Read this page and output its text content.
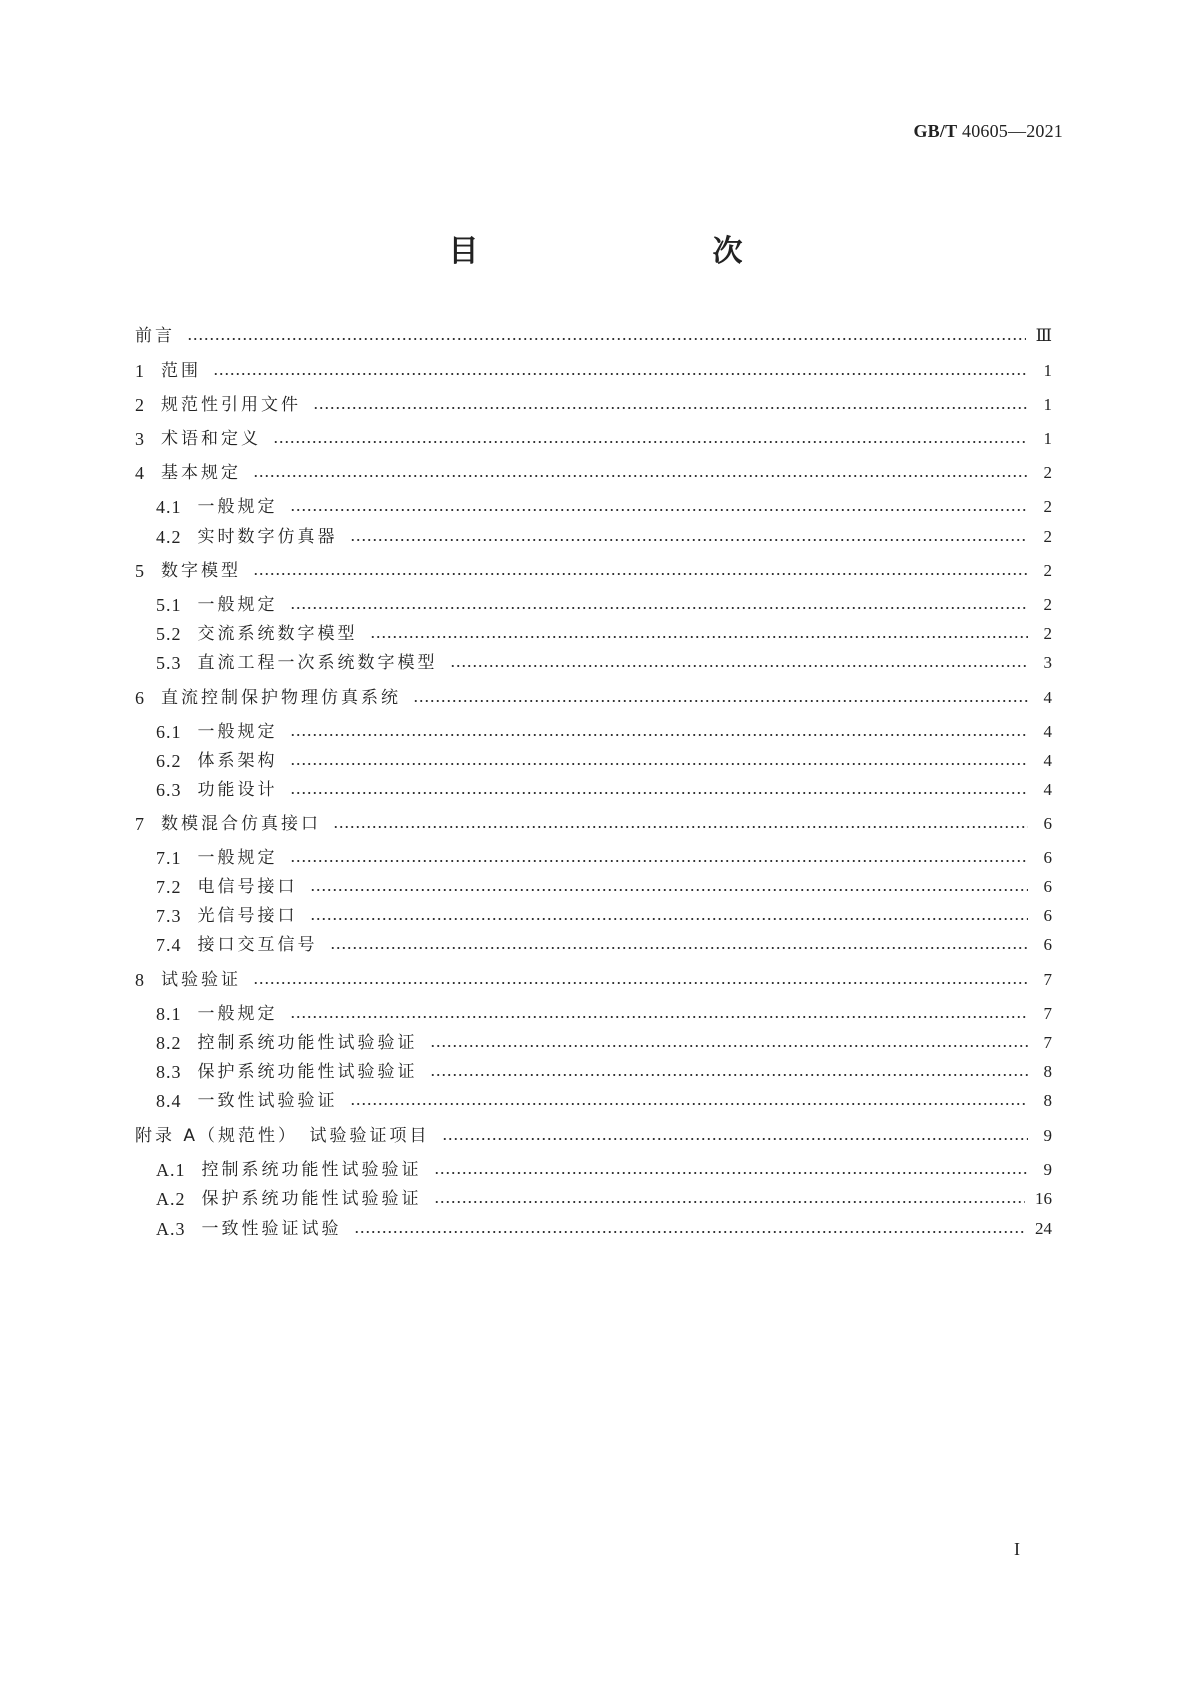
GB/T 40605—2021
目　　次
前言	Ⅲ
1 范围	1
2 规范性引用文件	1
3 术语和定义	1
4 基本规定	2
4.1 一般规定	2
4.2 实时数字仿真器	2
5 数字模型	2
5.1 一般规定	2
5.2 交流系统数字模型	2
5.3 直流工程一次系统数字模型	3
6 直流控制保护物理仿真系统	4
6.1 一般规定	4
6.2 体系架构	4
6.3 功能设计	4
7 数模混合仿真接口	6
7.1 一般规定	6
7.2 电信号接口	6
7.3 光信号接口	6
7.4 接口交互信号	6
8 试验验证	7
8.1 一般规定	7
8.2 控制系统功能性试验验证	7
8.3 保护系统功能性试验验证	8
8.4 一致性试验验证	8
附录 A（规范性）　试验验证项目	9
A.1 控制系统功能性试验验证	9
A.2 保护系统功能性试验验证	16
A.3 一致性验证试验	24
I
